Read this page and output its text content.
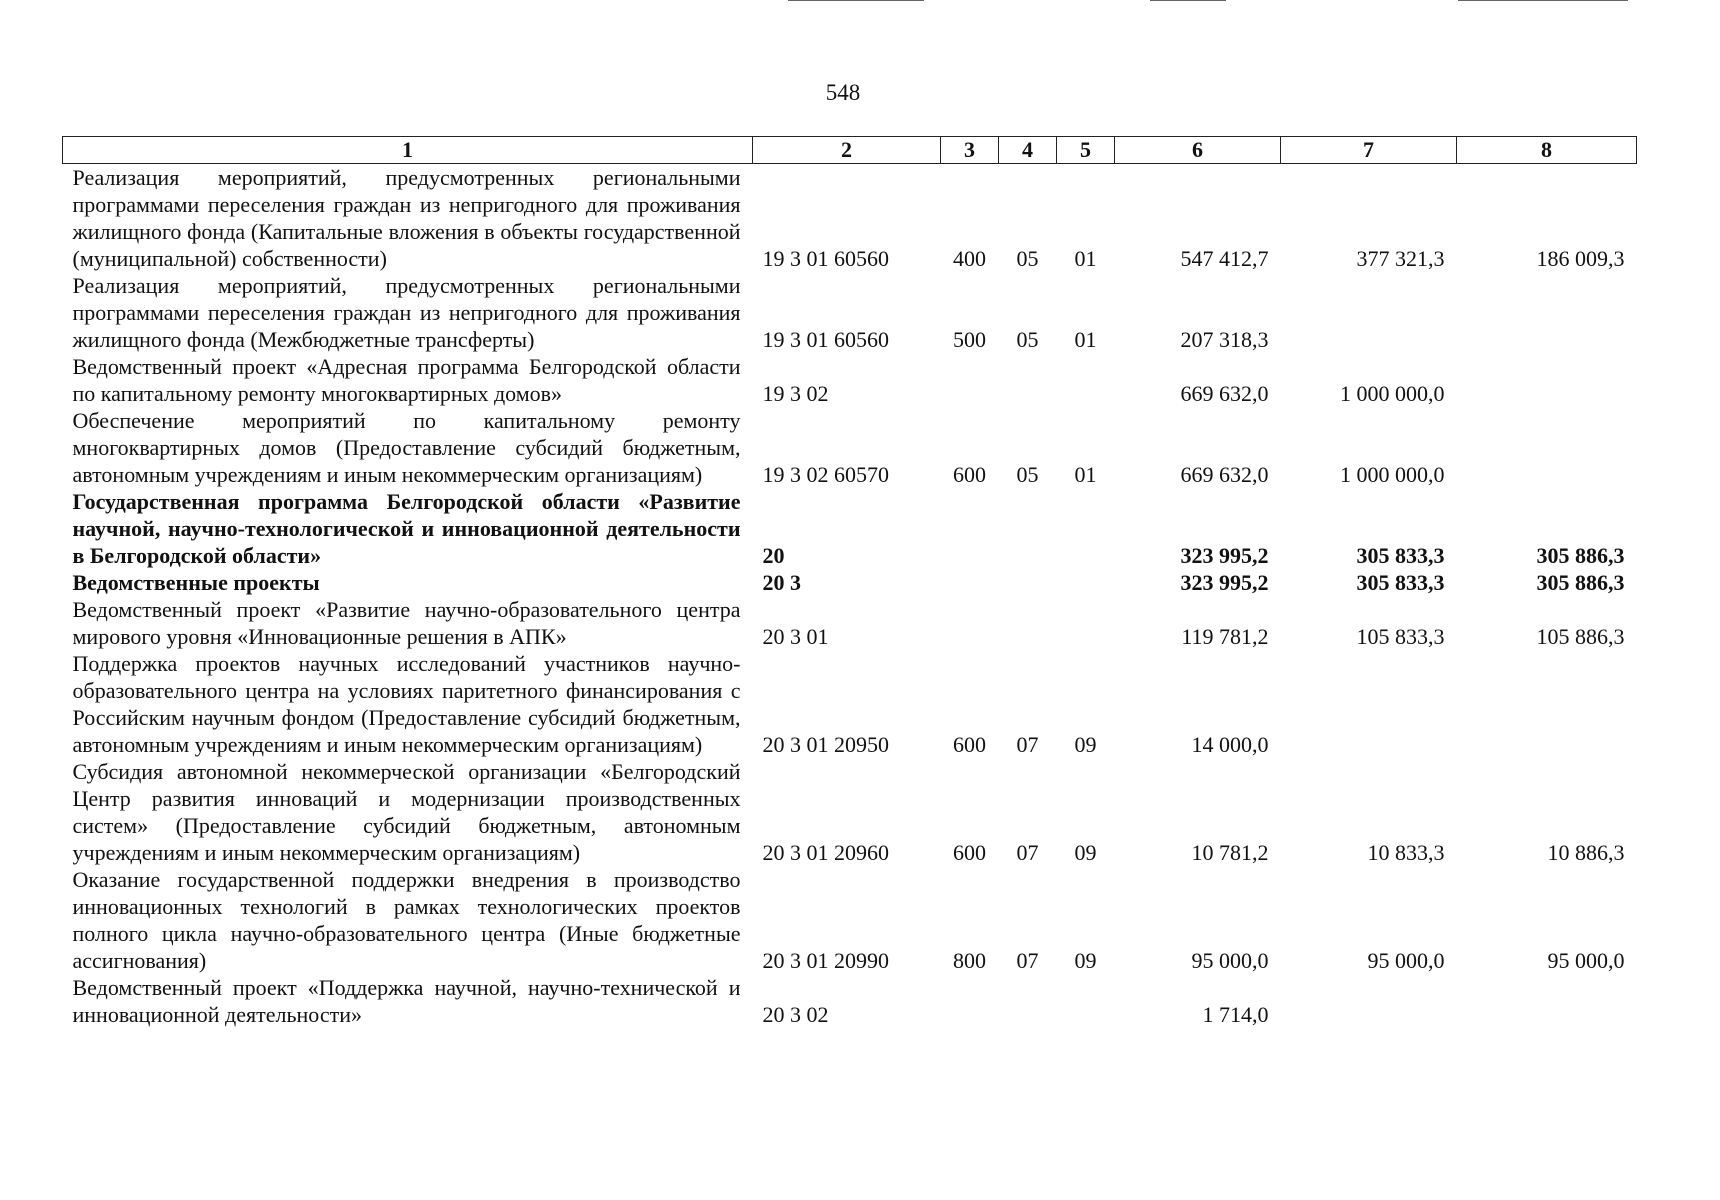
548
1	2	3	4	5	6	7	8
Реализация мероприятий, предусмотренных региональными программами переселения граждан из непригодного для проживания жилищного фонда (Капитальные вложения в объекты государственной (муниципальной) собственности)	19 3 01 60560	400	05	01	547 412,7	377 321,3	186 009,3
Реализация мероприятий, предусмотренных региональными программами переселения граждан из непригодного для проживания жилищного фонда (Межбюджетные трансферты)	19 3 01 60560	500	05	01	207 318,3		
Ведомственный проект «Адресная программа Белгородской области по капитальному ремонту многоквартирных домов»	19 3 02				669 632,0	1 000 000,0	
Обеспечение мероприятий по капитальному ремонту многоквартирных домов (Предоставление субсидий бюджетным, автономным учреждениям и иным некоммерческим организациям)	19 3 02 60570	600	05	01	669 632,0	1 000 000,0	
Государственная программа Белгородской области «Развитие научной, научно-технологической и инновационной деятельности в Белгородской области»	20				323 995,2	305 833,3	305 886,3
Ведомственные проекты	20 3				323 995,2	305 833,3	305 886,3
Ведомственный проект «Развитие научно-образовательного центра мирового уровня «Инновационные решения в АПК»	20 3 01				119 781,2	105 833,3	105 886,3
Поддержка проектов научных исследований участников научно-образовательного центра на условиях паритетного финансирования с Российским научным фондом (Предоставление субсидий бюджетным, автономным учреждениям и иным некоммерческим организациям)	20 3 01 20950	600	07	09	14 000,0		
Субсидия автономной некоммерческой организации «Белгородский Центр развития инноваций и модернизации производственных систем» (Предоставление субсидий бюджетным, автономным учреждениям и иным некоммерческим организациям)	20 3 01 20960	600	07	09	10 781,2	10 833,3	10 886,3
Оказание государственной поддержки внедрения в производство инновационных технологий в рамках технологических проектов полного цикла научно-образовательного центра (Иные бюджетные ассигнования)	20 3 01 20990	800	07	09	95 000,0	95 000,0	95 000,0
Ведомственный проект «Поддержка научной, научно-технической и инновационной деятельности»	20 3 02				1 714,0		
